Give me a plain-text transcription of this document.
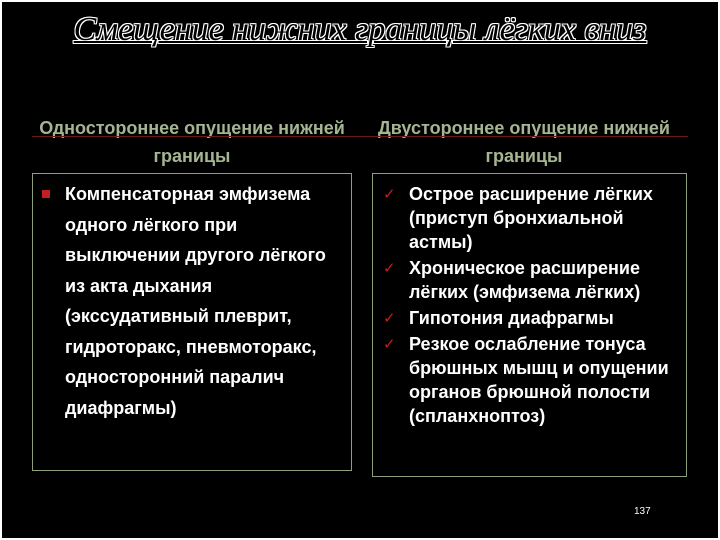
Смещение нижних границы лёгких вниз
Одностороннее опущение нижней границы
Двустороннее опущение нижней границы
Компенсаторная эмфизема одного лёгкого при выключении другого лёгкого из акта дыхания (экссудативный плеврит, гидроторакс, пневмоторакс, односторонний паралич диафрагмы)
✓ Острое расширение лёгких (приступ бронхиальной астмы)
✓ Хроническое расширение лёгких (эмфизема лёгких)
✓ Гипотония диафрагмы
✓ Резкое ослабление тонуса брюшных мышц и опущении органов брюшной полости (спланхноптоз)
137
